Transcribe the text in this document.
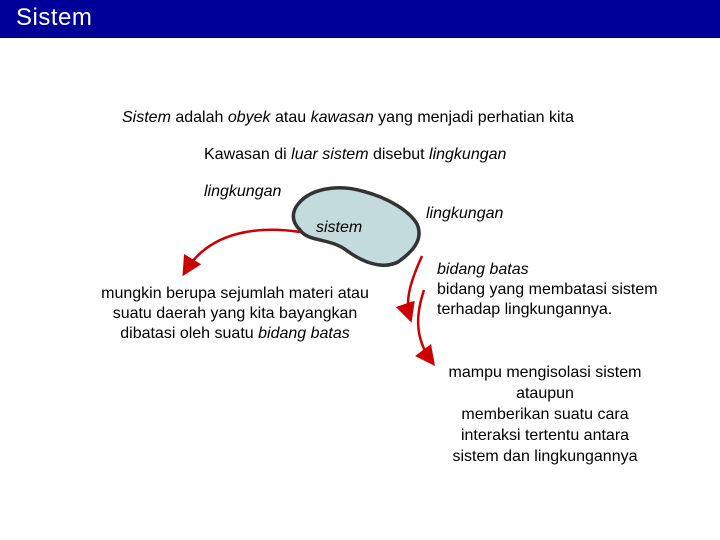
Sistem
Sistem adalah obyek atau kawasan yang menjadi perhatian kita
Kawasan di luar sistem disebut lingkungan
lingkungan
sistem
lingkungan
mungkin berupa sejumlah materi atau
suatu daerah yang kita bayangkan
dibatasi oleh suatu bidang batas
bidang batas
bidang yang membatasi sistem
terhadap lingkungannya.
mampu mengisolasi sistem
ataupun
memberikan suatu cara
interaksi tertentu antara
sistem dan lingkungannya
